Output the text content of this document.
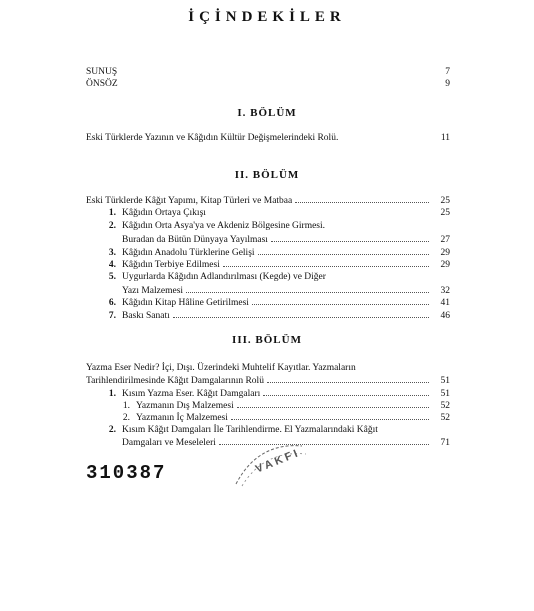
İÇİNDEKİLER
SUNUŞ	7
ÖNSÖZ	9
I. BÖLÜM
Eski Türklerde Yazının ve Kâğıdın Kültür Değişmelerindeki Rolü.	11
II. BÖLÜM
Eski Türklerde Kâğıt Yapımı, Kitap Türleri ve Matbaa	25
1. Kâğıdın Ortaya Çıkışı	25
2. Kâğıdın Orta Asya'ya ve Akdeniz Bölgesine Girmesi.
Buradan da Bütün Dünyaya Yayılması	27
3. Kâğıdın Anadolu Türklerine Gelişi	29
4. Kâğıdın Terbiye Edilmesi	29
5. Uygurlarda Kâğıdın Adlandırılması (Kegde) ve Diğer
Yazı Malzemesi	32
6. Kâğıdın Kitap Hâline Getirilmesi	41
7. Baskı Sanatı	46
III. BÖLÜM
Yazma Eser Nedir? İçi, Dışı. Üzerindeki Muhtelif Kayıtlar. Yazmaların
Tarihlendirilmesinde Kâğıt Damgalarının Rolü	51
1. Kısım Yazma Eser. Kâğıt Damgaları	51
1. Yazmanın Dış Malzemesi	52
2. Yazmanın İç Malzemesi	52
2. Kısım Kâğıt Damgaları İle Tarihlendirme. El Yazmalarındaki Kâğıt
Damgaları ve Meseleleri	71
310387	VAKFI
